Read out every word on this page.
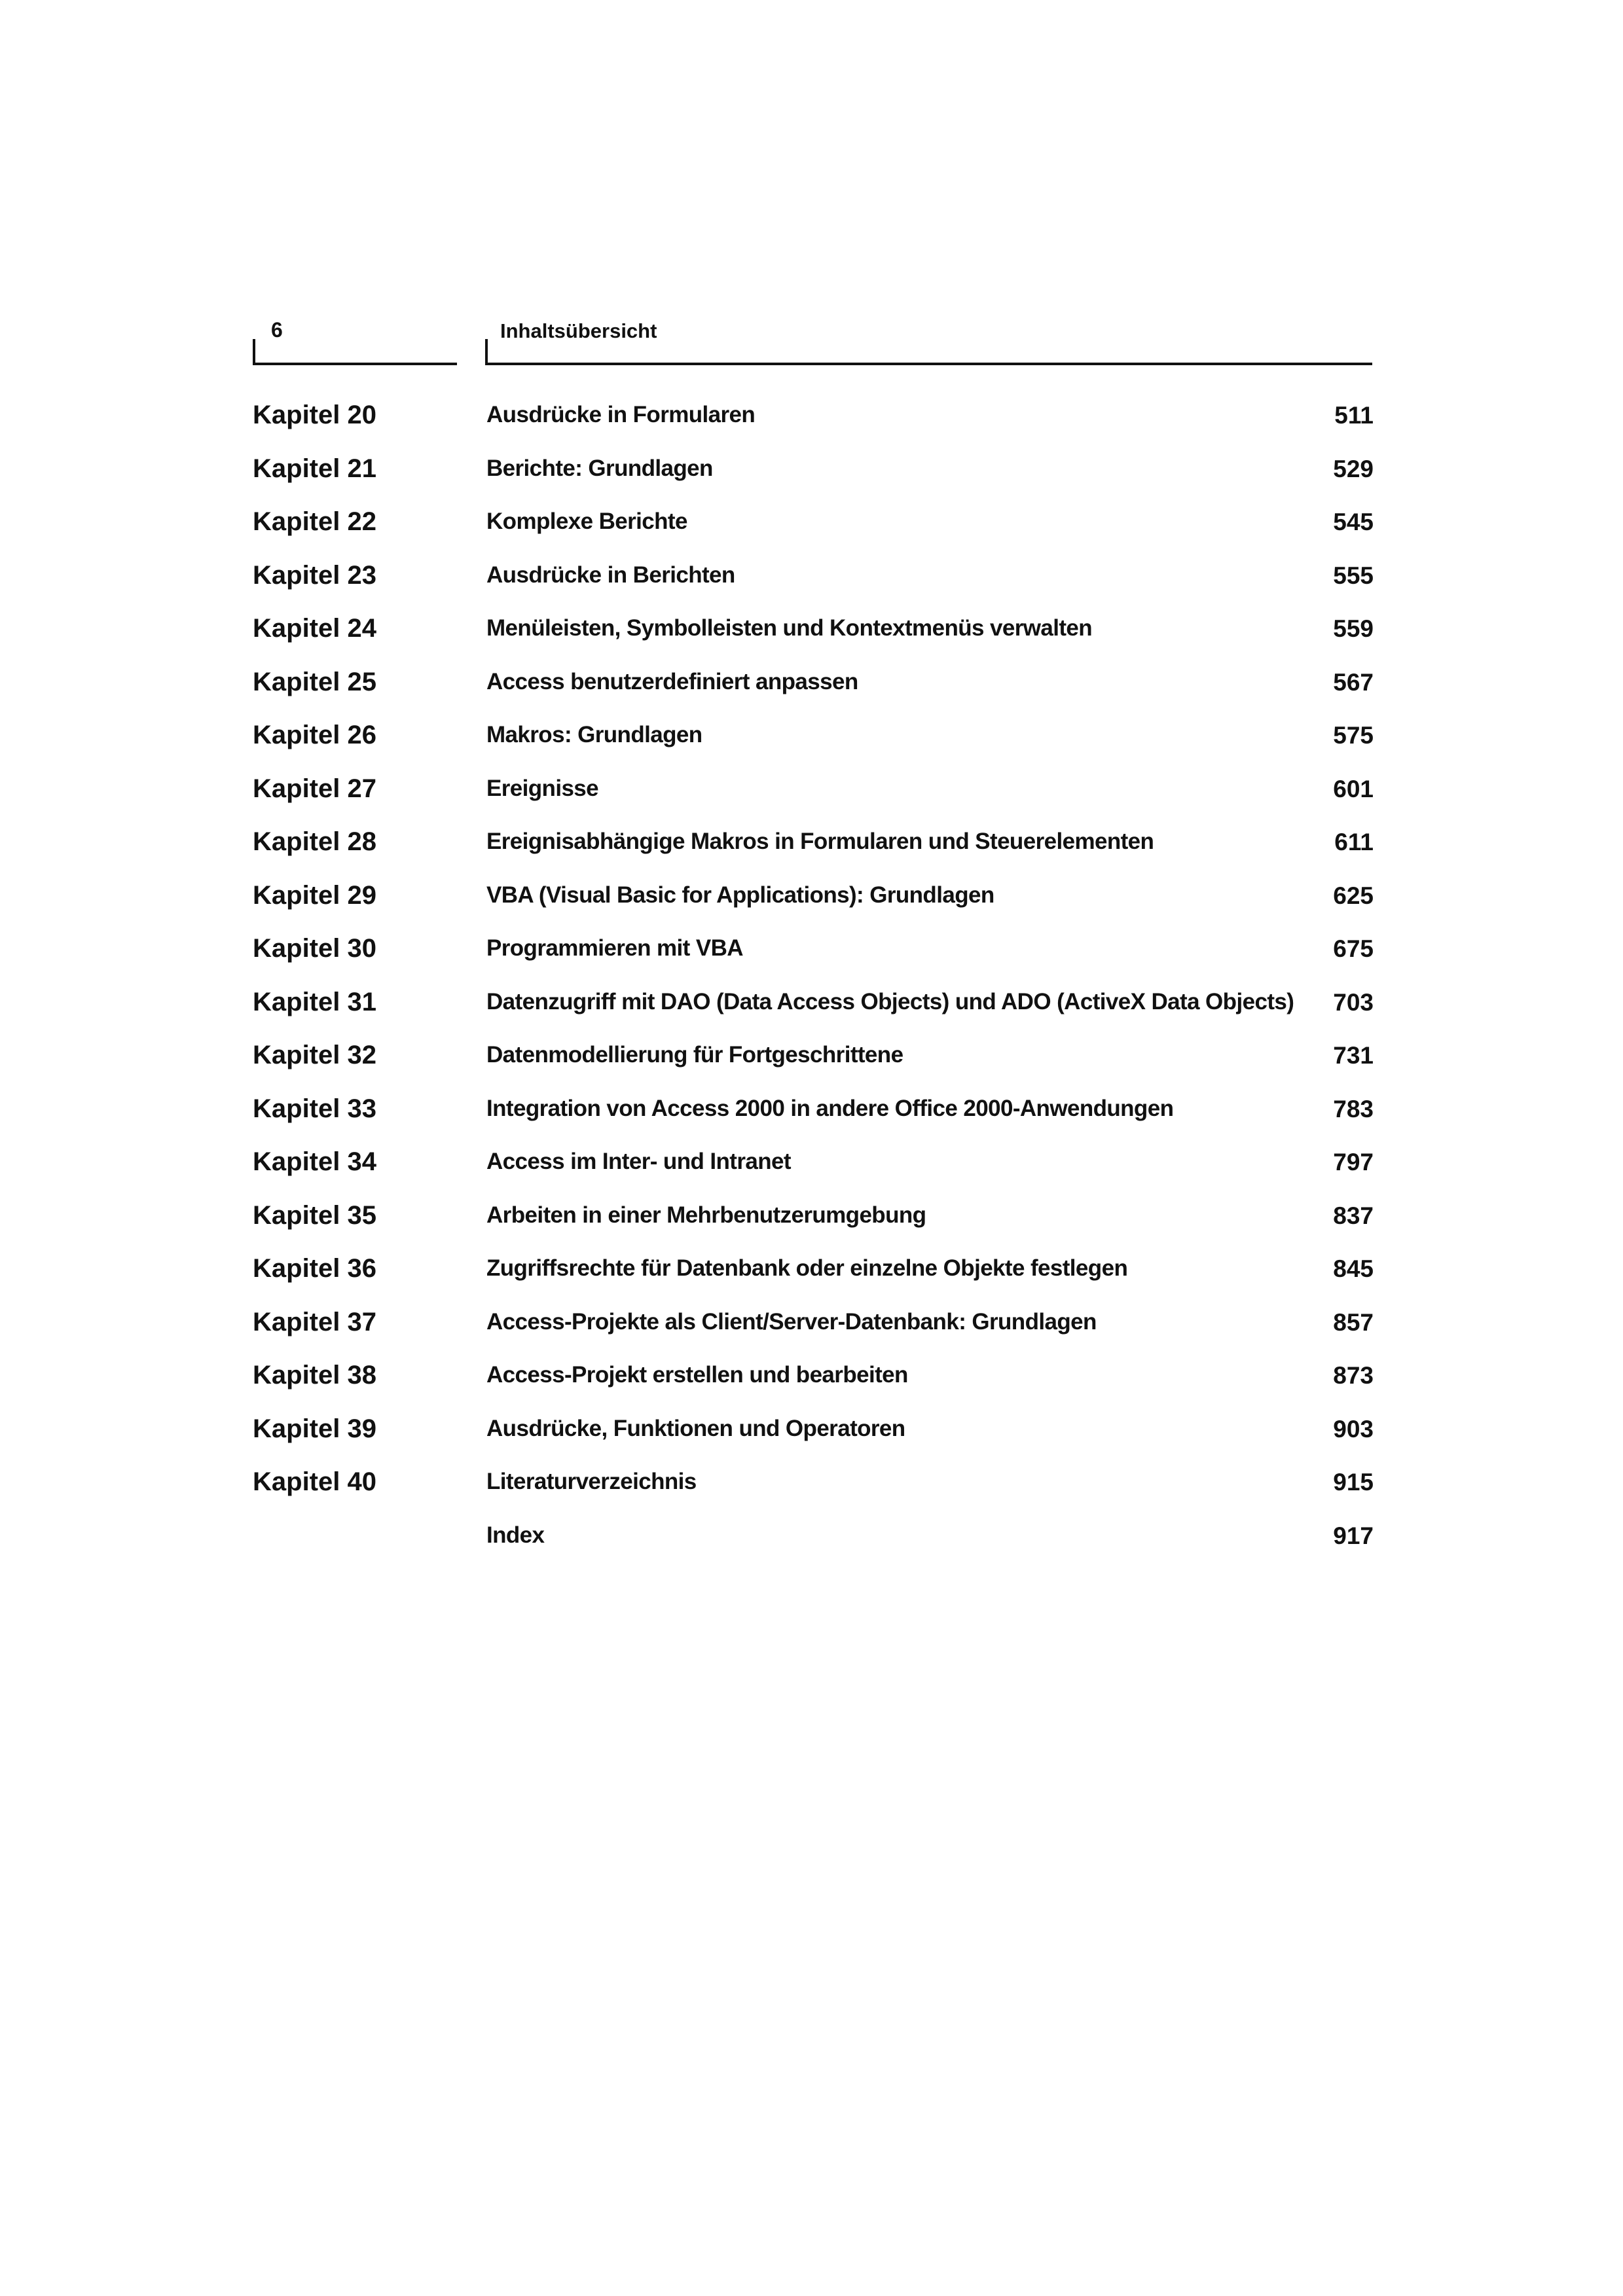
6	Inhaltsübersicht
Kapitel 20	Ausdrücke in Formularen	511
Kapitel 21	Berichte: Grundlagen	529
Kapitel 22	Komplexe Berichte	545
Kapitel 23	Ausdrücke in Berichten	555
Kapitel 24	Menüleisten, Symbolleisten und Kontextmenüs verwalten	559
Kapitel 25	Access benutzerdefiniert anpassen	567
Kapitel 26	Makros: Grundlagen	575
Kapitel 27	Ereignisse	601
Kapitel 28	Ereignisabhängige Makros in Formularen und Steuerelementen	611
Kapitel 29	VBA (Visual Basic for Applications): Grundlagen	625
Kapitel 30	Programmieren mit VBA	675
Kapitel 31	Datenzugriff mit DAO (Data Access Objects) und ADO (ActiveX Data Objects) 703
Kapitel 32	Datenmodellierung für Fortgeschrittene	731
Kapitel 33	Integration von Access 2000 in andere Office 2000-Anwendungen	783
Kapitel 34	Access im Inter- und Intranet	797
Kapitel 35	Arbeiten in einer Mehrbenutzerumgebung	837
Kapitel 36	Zugriffsrechte für Datenbank oder einzelne Objekte festlegen	845
Kapitel 37	Access-Projekte als Client/Server-Datenbank: Grundlagen	857
Kapitel 38	Access-Projekt erstellen und bearbeiten	873
Kapitel 39	Ausdrücke, Funktionen und Operatoren	903
Kapitel 40	Literaturverzeichnis	915
Index	917
